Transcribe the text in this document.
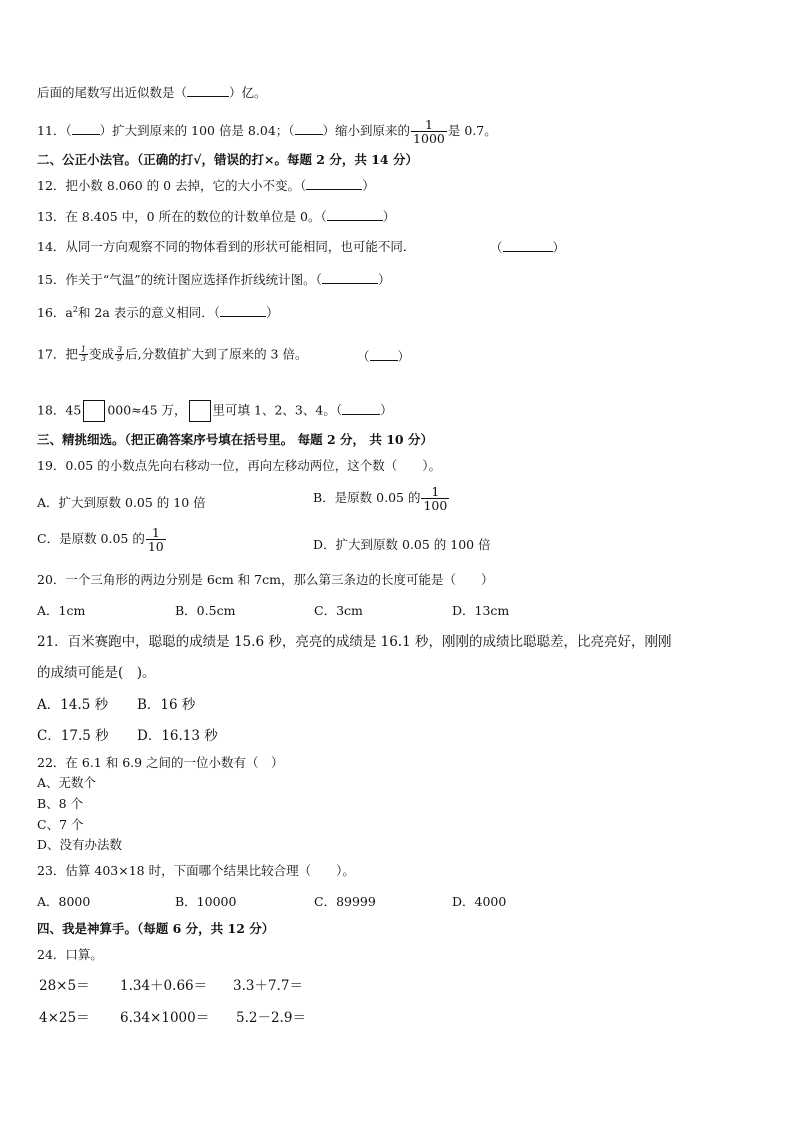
后面的尾数写出近似数是（	）亿。
11．（ ）扩大到原来的 100 倍是 8.04；（ ）缩小到原来的 $\frac{1}{1000}$ 是 0.7。
二、公正小法官。（正确的打√，错误的打×。每题 2 分，共 14 分）
12．把小数 8.060 的 0 去掉，它的大小不变。（	）
13．在 8.405 中，0 所在的数位的计数单位是 0。（	）
14．从同一方向观察不同的物体看到的形状可能相同，也可能不同．	（	）
15．作关于“气温”的统计图应选择作折线统计图。（	）
16．$a^2$和 2a 表示的意义相同．（	）
17．把 $\frac{1}{3}$ 变成 $\frac{3}{9}$ 后,分数值扩大到了原来的 3 倍。	（ ）
18．45 000≈45 万， 里可填 1、2、3、4。（	）
三、精挑细选。（把正确答案序号填在括号里。 每题 2 分， 共 10 分）
19．0.05 的小数点先向右移动一位，再向左移动两位，这个数（　　）。
A．扩大到原数 0.05 的 10 倍	B．是原数 0.05 的 $\frac{1}{100}$
C．是原数 0.05 的 $\frac{1}{10}$	D．扩大到原数 0.05 的 100 倍
20．一个三角形的两边分别是 6cm 和 7cm，那么第三条边的长度可能是（　　）
A．1cm	B．0.5cm	C．3cm	D．13cm
21．百米赛跑中，聪聪的成绩是 15.6 秒，亮亮的成绩是 16.1 秒，刚刚的成绩比聪聪差，比亮亮好，刚刚
的成绩可能是(　)。
A．14.5 秒 B．16 秒
C．17.5 秒 D．16.13 秒
22．在 6.1 和 6.9 之间的一位小数有（　）
A、无数个
B、8 个
C、7 个
D、没有办法数
23．估算 403×18 时，下面哪个结果比较合理（　　）。
A．8000	B．10000	C．89999	D．4000
四、我是神算手。（每题 6 分，共 12 分）
24．口算。
28×5＝ 1.34＋0.66＝ 3.3＋7.7＝
4×25＝ 6.34×1000＝ 5.2－2.9＝
